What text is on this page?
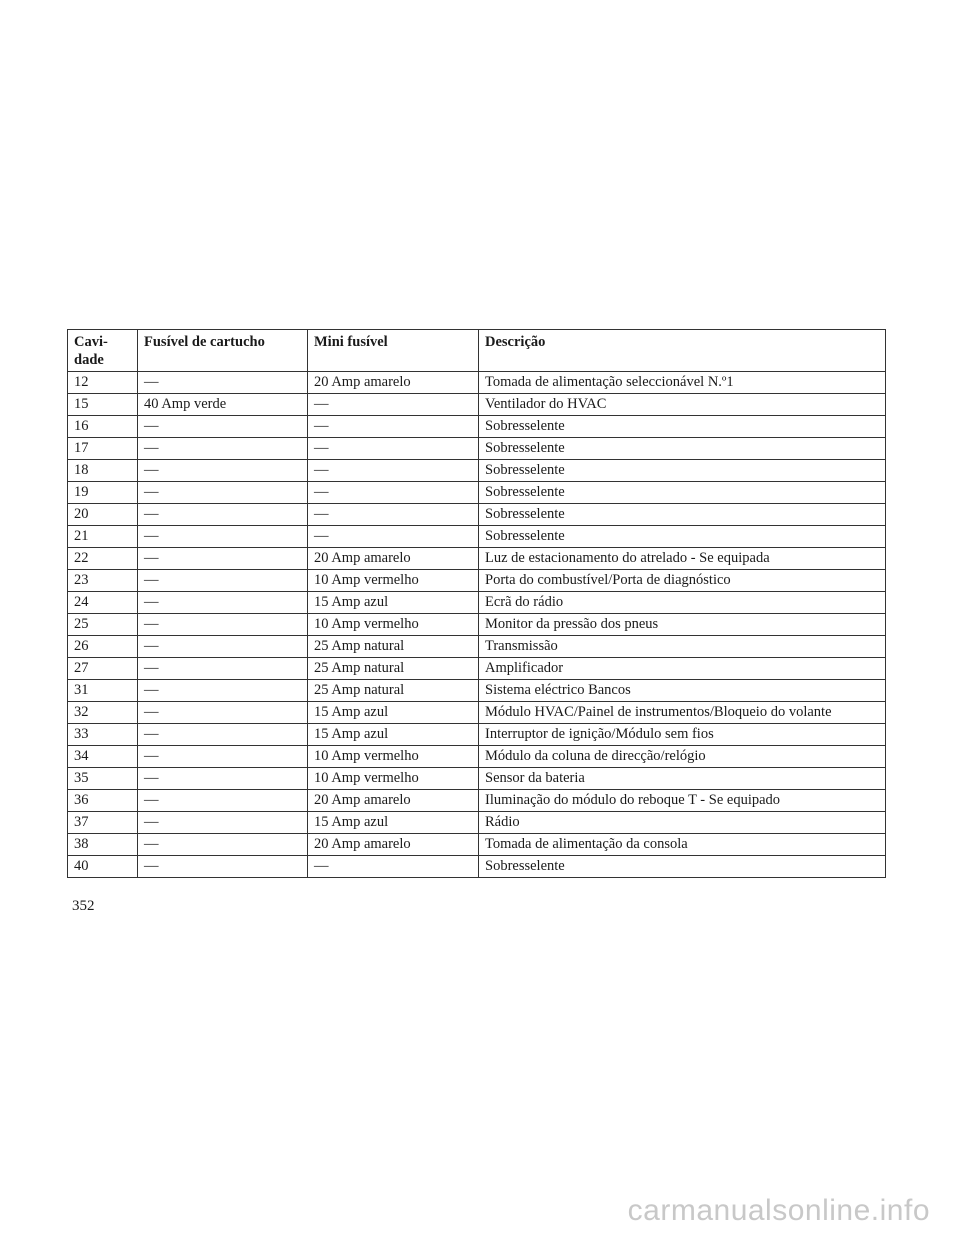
Cavi-
dade	Fusível de cartucho	Mini fusível	Descrição
12	—	20 Amp amarelo	Tomada de alimentação seleccionável N.º1
15	40 Amp verde	—	Ventilador do HVAC
16	—	—	Sobresselente
17	—	—	Sobresselente
18	—	—	Sobresselente
19	—	—	Sobresselente
20	—	—	Sobresselente
21	—	—	Sobresselente
22	—	20 Amp amarelo	Luz de estacionamento do atrelado - Se equipada
23	—	10 Amp vermelho	Porta do combustível/Porta de diagnóstico
24	—	15 Amp azul	Ecrã do rádio
25	—	10 Amp vermelho	Monitor da pressão dos pneus
26	—	25 Amp natural	Transmissão
27	—	25 Amp natural	Amplificador
31	—	25 Amp natural	Sistema eléctrico Bancos
32	—	15 Amp azul	Módulo HVAC/Painel de instrumentos/Bloqueio do volante
33	—	15 Amp azul	Interruptor de ignição/Módulo sem fios
34	—	10 Amp vermelho	Módulo da coluna de direcção/relógio
35	—	10 Amp vermelho	Sensor da bateria
36	—	20 Amp amarelo	Iluminação do módulo do reboque T - Se equipado
37	—	15 Amp azul	Rádio
38	—	20 Amp amarelo	Tomada de alimentação da consola
40	—	—	Sobresselente
352
carmanualsonline.info
